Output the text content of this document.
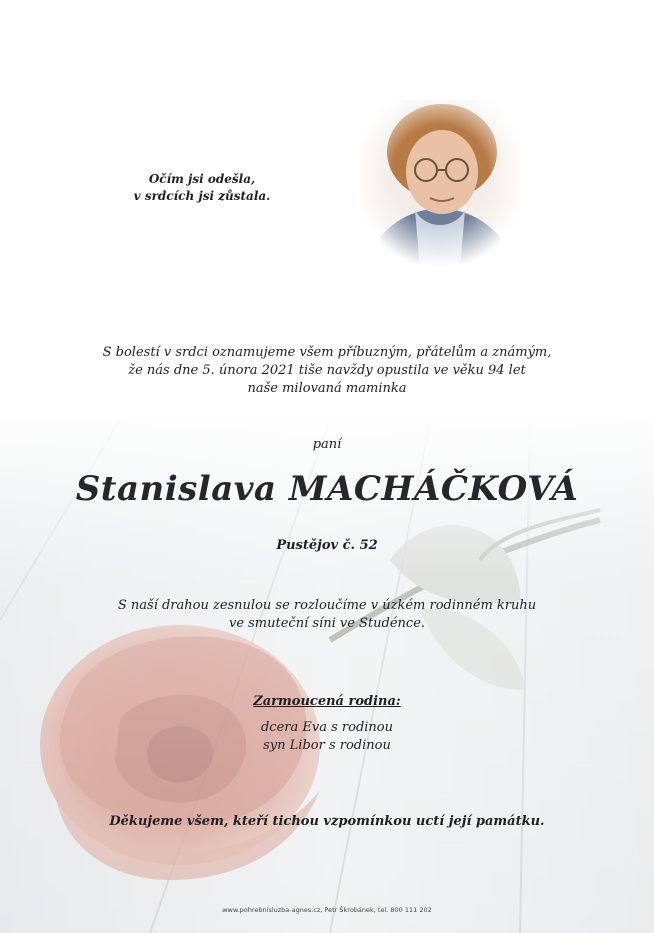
Očím jsi odešla,
v srdcích jsi zůstala.
S bolestí v srdci oznamujeme všem příbuzným, přátelům a známým,
že nás dne 5. února 2021 tiše navždy opustila ve věku 94 let
naše milovaná maminka
paní
Stanislava MACHÁČKOVÁ
Pustějov č. 52
S naší drahou zesnulou se rozloučíme v úzkém rodinném kruhu
ve smuteční síni ve Studénce.
Zarmoucená rodina:
dcera Eva s rodinou
syn Libor s rodinou
Děkujeme všem, kteří tichou vzpomínkou uctí její památku.
www.pohrebnisluzba-agnes.cz, Petr Škrobánek, tel. 800 111 202
